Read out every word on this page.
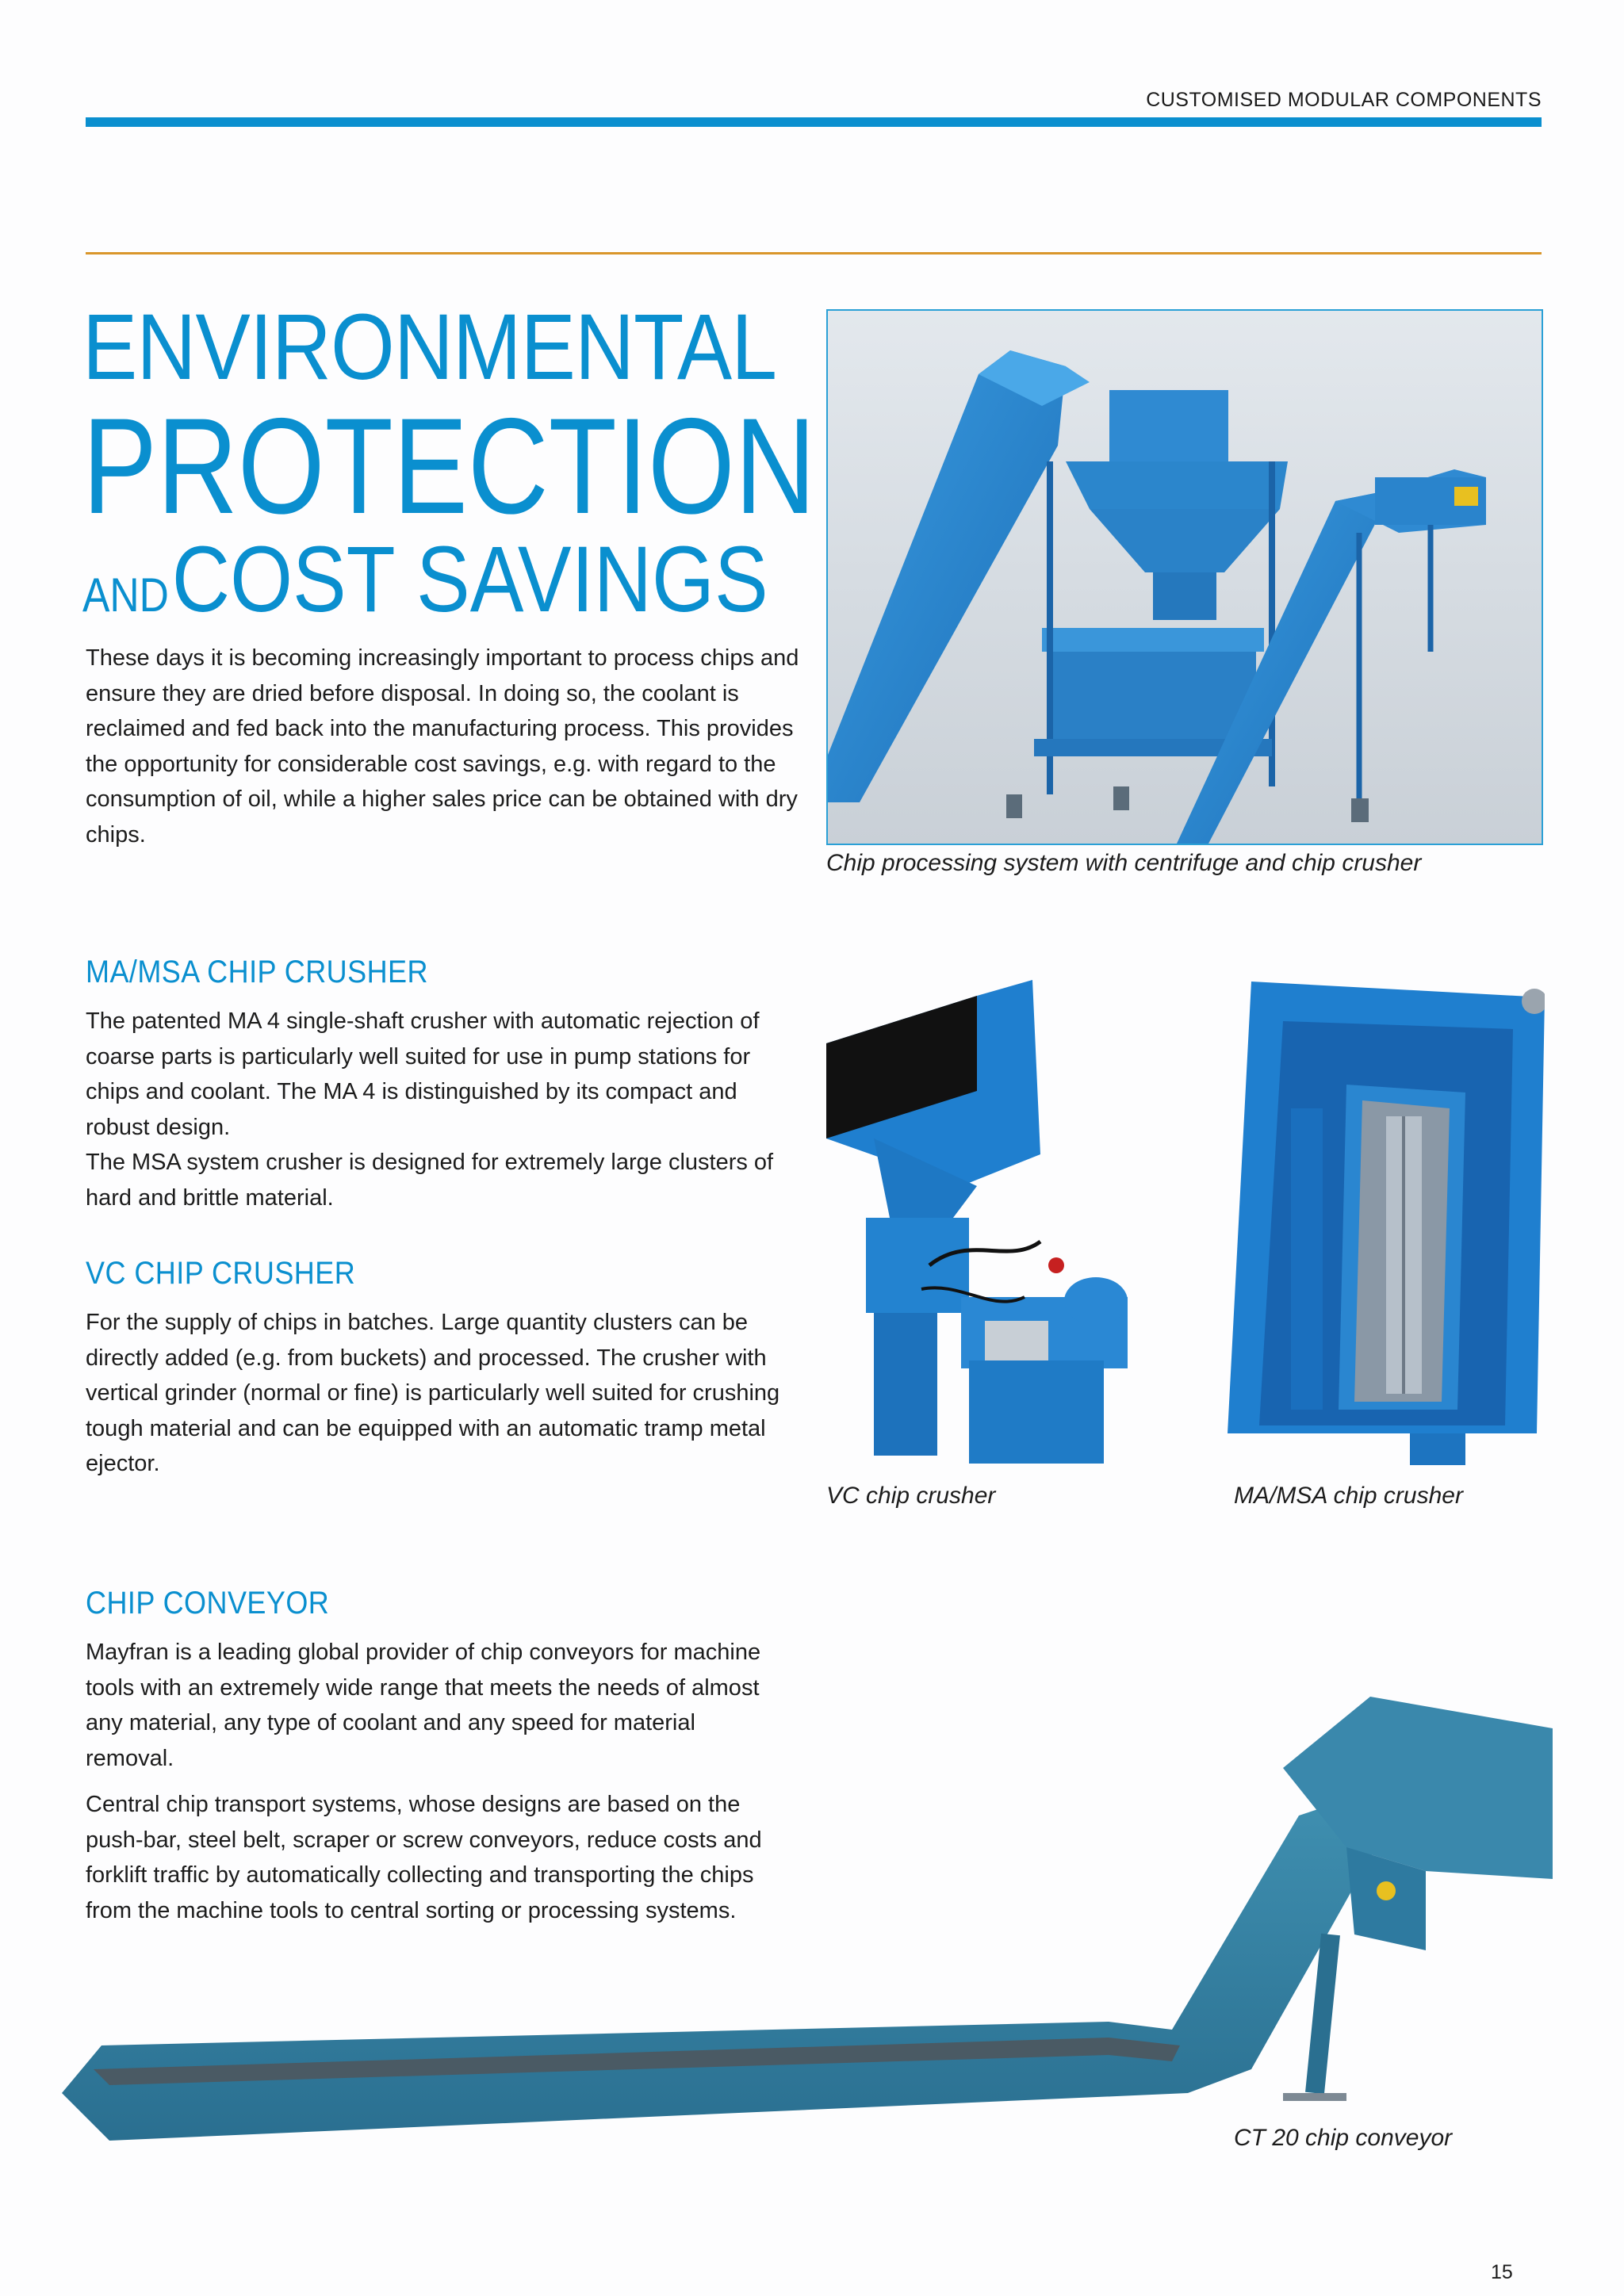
CUSTOMISED MODULAR COMPONENTS
ENVIRONMENTAL
PROTECTION
AND COST SAVINGS
These days it is becoming increasingly important to process chips and ensure they are dried before disposal. In doing so, the coolant is reclaimed and fed back into the manufacturing process. This provides the opportunity for considerable cost savings, e.g. with regard to the consumption of oil, while a higher sales price can be obtained with dry chips.
Chip processing system with centrifuge and chip crusher
MA/MSA CHIP CRUSHER
The patented MA 4 single-shaft crusher with automatic rejection of coarse parts is particularly well suited for use in pump stations for chips and coolant. The MA 4 is distinguished by its compact and robust design.
The MSA system crusher is designed for extremely large clusters of hard and brittle material.
VC CHIP CRUSHER
For the supply of chips in batches. Large quantity clusters can be directly added (e.g. from buckets) and processed. The crusher with vertical grinder (normal or fine) is particularly well suited for crushing tough material and can be equipped with an automatic tramp metal ejector.
VC chip crusher	MA/MSA chip crusher
CHIP CONVEYOR
Mayfran is a leading global provider of chip conveyors for machine tools with an extremely wide range that meets the needs of almost any material, any type of coolant and any speed for material removal.
Central chip transport systems, whose designs are based on the push-bar, steel belt, scraper or screw conveyors, reduce costs and forklift traffic by automatically collecting and transporting the chips from the machine tools to central sorting or processing systems.
CT 20 chip conveyor
15
